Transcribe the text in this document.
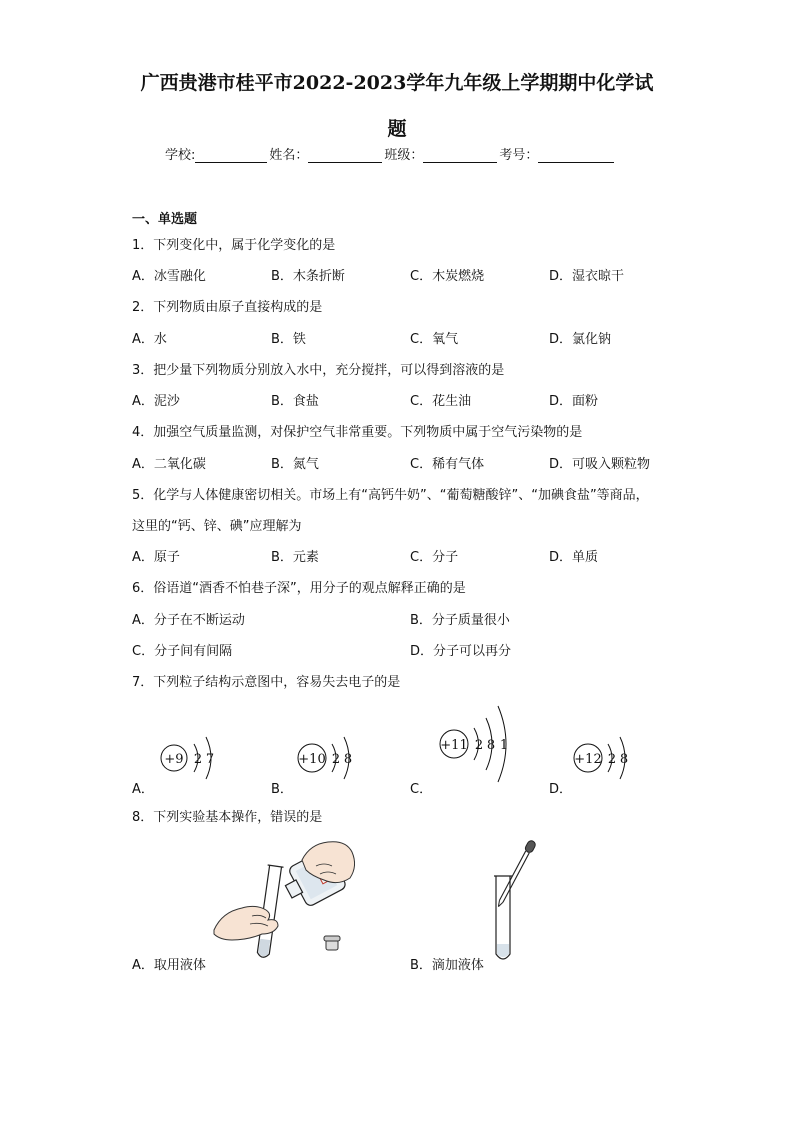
广西贵港市桂平市2022-2023学年九年级上学期期中化学试
题
学校:	姓名：	班级：	考号：
一、单选题
1．下列变化中，属于化学变化的是
A．冰雪融化	B．木条折断	C．木炭燃烧	D．湿衣晾干
2．下列物质由原子直接构成的是
A．水	B．铁	C．氧气	D．氯化钠
3．把少量下列物质分别放入水中，充分搅拌，可以得到溶液的是
A．泥沙	B．食盐	C．花生油	D．面粉
4．加强空气质量监测，对保护空气非常重要。下列物质中属于空气污染物的是
A．二氧化碳	B．氮气	C．稀有气体	D．可吸入颗粒物
5．化学与人体健康密切相关。市场上有“高钙牛奶”、“葡萄糖酸锌”、“加碘食盐”等商品，
这里的“钙、锌、碘”应理解为
A．原子	B．元素	C．分子	D．单质
6．俗语道“酒香不怕巷子深”，用分子的观点解释正确的是
A．分子在不断运动	B．分子质量很小
C．分子间有间隔	D．分子可以再分
7．下列粒子结构示意图中，容易失去电子的是
+9 2 7
A．
+10 2 8
B．
+11 2 8 1
C．
+12 2 8
D．
8．下列实验基本操作，错误的是
A．取用液体	B．滴加液体
